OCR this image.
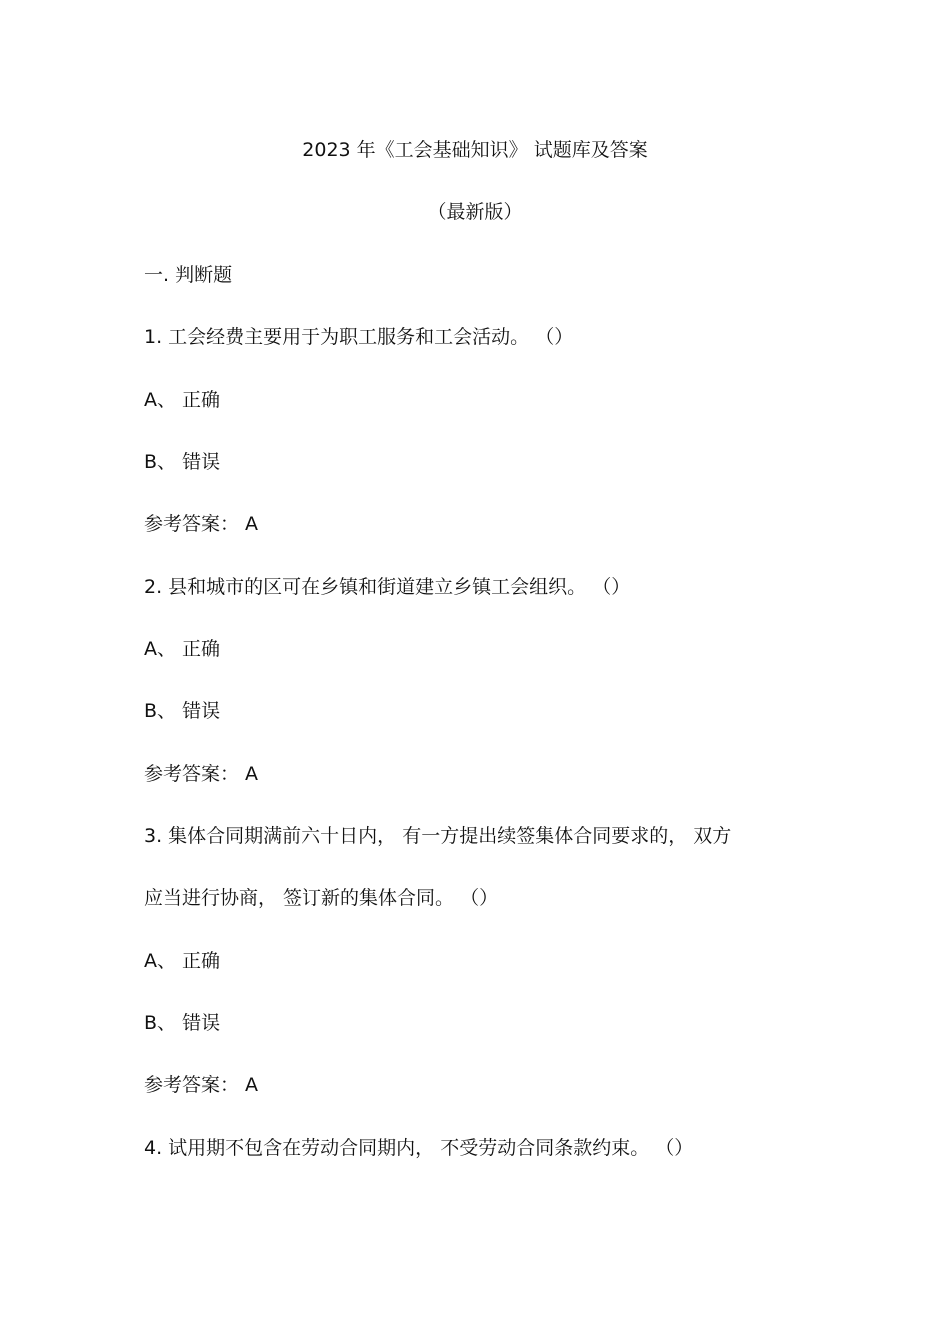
2023 年《工会基础知识》 试题库及答案
（最新版）
一. 判断题
1. 工会经费主要用于为职工服务和工会活动。 （）
A、 正确
B、 错误
参考答案： A
2. 县和城市的区可在乡镇和街道建立乡镇工会组织。 （）
A、 正确
B、 错误
参考答案： A
3. 集体合同期满前六十日内， 有一方提出续签集体合同要求的， 双方
应当进行协商， 签订新的集体合同。 （）
A、 正确
B、 错误
参考答案： A
4. 试用期不包含在劳动合同期内， 不受劳动合同条款约束。 （）
